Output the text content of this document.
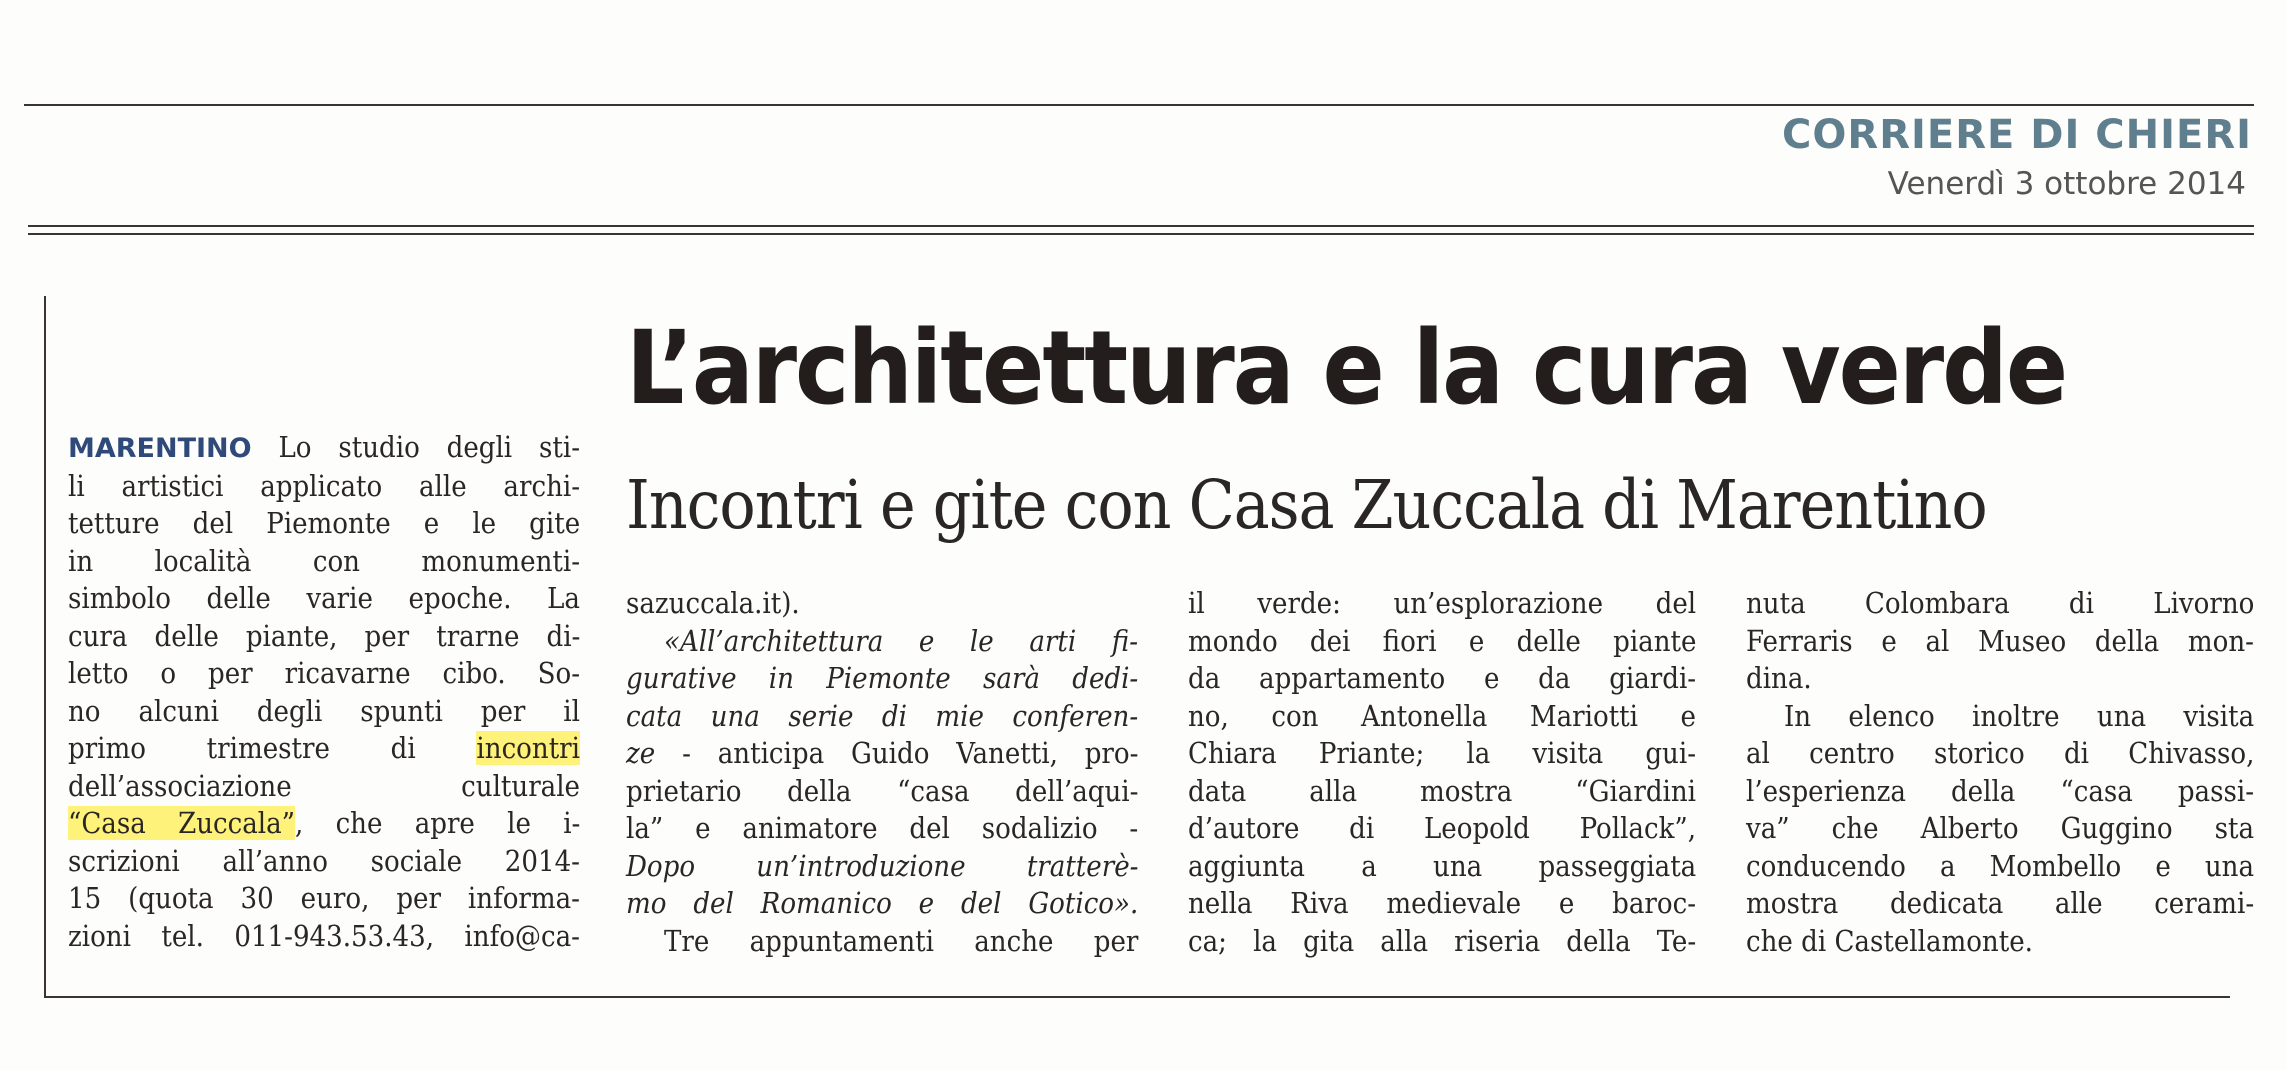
CORRIERE DI CHIERI
Venerdì 3 ottobre 2014
L’architettura e la cura verde
Incontri e gite con Casa Zuccala di Marentino
MARENTINO Lo studio degli sti-
li artistici applicato alle archi-
tetture del Piemonte e le gite
in località con monumenti-
simbolo delle varie epoche. La
cura delle piante, per trarne di-
letto o per ricavarne cibo. So-
no alcuni degli spunti per il
primo trimestre di incontri
dell’associazione culturale
“Casa Zuccala”, che apre le i-
scrizioni all’anno sociale 2014-
15 (quota 30 euro, per informa-
zioni tel. 011-943.53.43, info@ca-
sazuccala.it).
«All’architettura e le arti fi-
gurative in Piemonte sarà dedi-
cata una serie di mie conferen-
ze - anticipa Guido Vanetti, pro-
prietario della “casa dell’aqui-
la” e animatore del sodalizio -
Dopo un’introduzione tratterè-
mo del Romanico e del Gotico».
Tre appuntamenti anche per
il verde: un’esplorazione del
mondo dei fiori e delle piante
da appartamento e da giardi-
no, con Antonella Mariotti e
Chiara Priante; la visita gui-
data alla mostra “Giardini
d’autore di Leopold Pollack”,
aggiunta a una passeggiata
nella Riva medievale e baroc-
ca; la gita alla riseria della Te-
nuta Colombara di Livorno
Ferraris e al Museo della mon-
dina.
In elenco inoltre una visita
al centro storico di Chivasso,
l’esperienza della “casa passi-
va” che Alberto Guggino sta
conducendo a Mombello e una
mostra dedicata alle cerami-
che di Castellamonte.
